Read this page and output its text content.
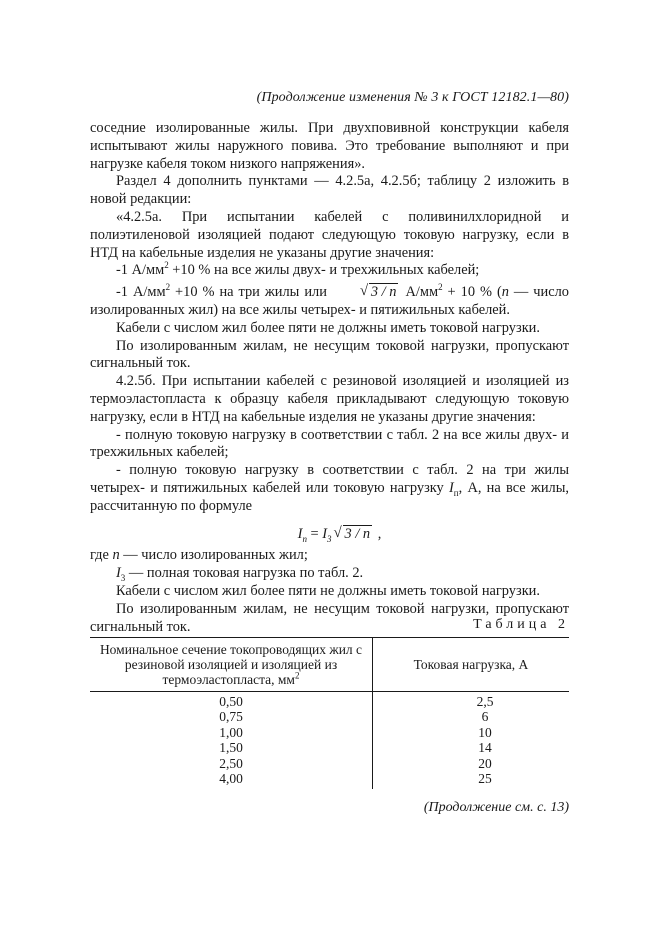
(Продолжение изменения № 3 к ГОСТ 12182.1—80)

соседние изолированные жилы. При двухповивной конструкции кабеля испытывают жилы наружного повива. Это требование выполняют и при нагрузке кабеля током низкого напряжения».

Раздел 4 дополнить пунктами — 4.2.5а, 4.2.5б; таблицу 2 изложить в новой редакции:

«4.2.5а. При испытании кабелей с поливинилхлоридной и полиэтиленовой изоляцией подают следующую токовую нагрузку, если в НТД на кабельные изделия не указаны другие значения:

-1 $А/мм^2 +10$ % на все жилы двух- и трехжильных кабелей;

-1 $А/мм^2 +10$ % на три жилы или	√ 3 / n $А/мм^2 + 10$ % (n — число изолированных жил) на все жилы четырех- и пятижильных кабелей.

Кабели с числом жил более пяти не должны иметь токовой нагрузки.

По изолированным жилам, не несущим токовой нагрузки, пропускают сигнальный ток.

4.2.5б. При испытании кабелей с резиновой изоляцией и изоляцией из термоэластопласта к образцу кабеля прикладывают следующую токовую нагрузку, если в НТД на кабельные изделия не указаны другие значения:

- полную токовую нагрузку в соответствии с табл. 2 на все жилы двух- и трехжильных кабелей;

- полную токовую нагрузку в соответствии с табл. 2 на три жилы четырех- и пятижильных кабелей или токовую нагрузку $I_п$, А, на все жилы, рассчитанную по формуле

$I_п = I_3$ √ 3 / n ,

где n — число изолированных жил;

$I_3$ — полная токовая нагрузка по табл. 2.

Кабели с числом жил более пяти не должны иметь токовой нагрузки.

По изолированным жилам, не несущим токовой нагрузки, пропускают сигнальный ток.	Таблица 2
Номинальное сечение токопроводящих жил с резиновой изоляцией и изоляцией из термоэластопласта, $мм^2$	Токовая нагрузка, А
0,50	2,5
0,75	6
1,00	10
1,50	14
2,50	20
4,00	25
(Продолжение см. с. 13)
